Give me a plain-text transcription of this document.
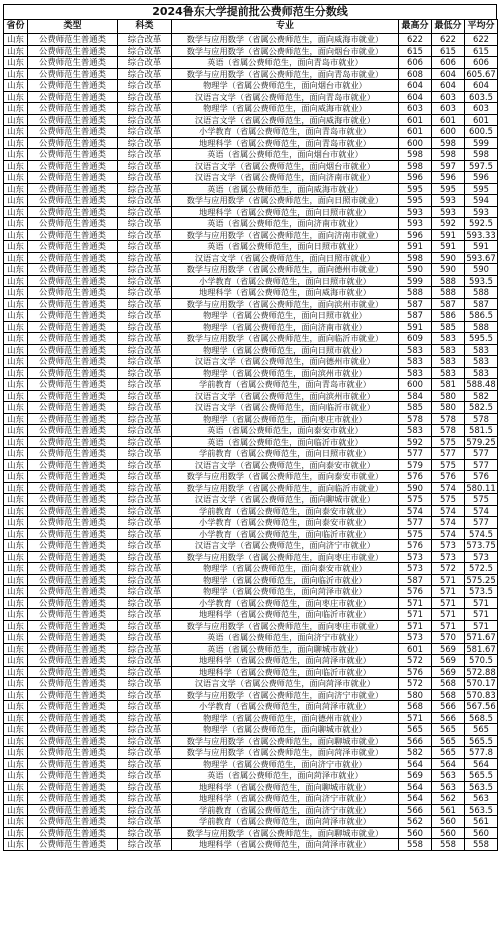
2024鲁东大学提前批公费师范生分数线
省份	类型	科类	专业	最高分	最低分	平均分
山东	公费师范生普通类	综合改革	数学与应用数学（省属公费师范生，面向威海市就业）	622	622	622
山东	公费师范生普通类	综合改革	数学与应用数学（省属公费师范生，面向烟台市就业）	615	615	615
山东	公费师范生普通类	综合改革	英语（省属公费师范生，面向青岛市就业）	606	606	606
山东	公费师范生普通类	综合改革	数学与应用数学（省属公费师范生，面向青岛市就业）	608	604	605.67
山东	公费师范生普通类	综合改革	物理学（省属公费师范生，面向烟台市就业）	604	604	604
山东	公费师范生普通类	综合改革	汉语言文学（省属公费师范生，面向青岛市就业）	604	603	603.5
山东	公费师范生普通类	综合改革	物理学（省属公费师范生，面向威海市就业）	603	603	603
山东	公费师范生普通类	综合改革	汉语言文学（省属公费师范生，面向威海市就业）	601	601	601
山东	公费师范生普通类	综合改革	小学教育（省属公费师范生，面向青岛市就业）	601	600	600.5
山东	公费师范生普通类	综合改革	地理科学（省属公费师范生，面向青岛市就业）	600	598	599
山东	公费师范生普通类	综合改革	英语（省属公费师范生，面向烟台市就业）	598	598	598
山东	公费师范生普通类	综合改革	汉语言文学（省属公费师范生，面向烟台市就业）	598	597	597.5
山东	公费师范生普通类	综合改革	汉语言文学（省属公费师范生，面向济南市就业）	596	596	596
山东	公费师范生普通类	综合改革	英语（省属公费师范生，面向威海市就业）	595	595	595
山东	公费师范生普通类	综合改革	数学与应用数学（省属公费师范生，面向日照市就业）	595	593	594
山东	公费师范生普通类	综合改革	地理科学（省属公费师范生，面向日照市就业）	593	593	593
山东	公费师范生普通类	综合改革	英语（省属公费师范生，面向济南市就业）	593	592	592.5
山东	公费师范生普通类	综合改革	数学与应用数学（省属公费师范生，面向济南市就业）	596	591	593.33
山东	公费师范生普通类	综合改革	英语（省属公费师范生，面向日照市就业）	591	591	591
山东	公费师范生普通类	综合改革	汉语言文学（省属公费师范生，面向日照市就业）	598	590	593.67
山东	公费师范生普通类	综合改革	数学与应用数学（省属公费师范生，面向德州市就业）	590	590	590
山东	公费师范生普通类	综合改革	小学教育（省属公费师范生，面向日照市就业）	599	588	593.5
山东	公费师范生普通类	综合改革	地理科学（省属公费师范生，面向威海市就业）	588	588	588
山东	公费师范生普通类	综合改革	数学与应用数学（省属公费师范生，面向滨州市就业）	587	587	587
山东	公费师范生普通类	综合改革	物理学（省属公费师范生，面向日照市就业）	587	586	586.5
山东	公费师范生普通类	综合改革	物理学（省属公费师范生，面向济南市就业）	591	585	588
山东	公费师范生普通类	综合改革	数学与应用数学（省属公费师范生，面向临沂市就业）	609	583	595.5
山东	公费师范生普通类	综合改革	物理学（省属公费师范生，面向日照市就业）	583	583	583
山东	公费师范生普通类	综合改革	汉语言文学（省属公费师范生，面向德州市就业）	583	583	583
山东	公费师范生普通类	综合改革	物理学（省属公费师范生，面向滨州市就业）	583	583	583
山东	公费师范生普通类	综合改革	学前教育（省属公费师范生，面向青岛市就业）	600	581	588.48
山东	公费师范生普通类	综合改革	汉语言文学（省属公费师范生，面向滨州市就业）	584	580	582
山东	公费师范生普通类	综合改革	汉语言文学（省属公费师范生，面向临沂市就业）	585	580	582.5
山东	公费师范生普通类	综合改革	物理学（省属公费师范生，面向枣庄市就业）	578	578	578
山东	公费师范生普通类	综合改革	英语（省属公费师范生，面向泰安市就业）	583	578	581.5
山东	公费师范生普通类	综合改革	英语（省属公费师范生，面向临沂市就业）	592	575	579.25
山东	公费师范生普通类	综合改革	学前教育（省属公费师范生，面向日照市就业）	577	577	577
山东	公费师范生普通类	综合改革	汉语言文学（省属公费师范生，面向泰安市就业）	579	575	577
山东	公费师范生普通类	综合改革	数学与应用数学（省属公费师范生，面向泰安市就业）	576	576	576
山东	公费师范生普通类	综合改革	数学与应用数学（省属公费师范生，面向临沂市就业）	590	574	580.11
山东	公费师范生普通类	综合改革	汉语言文学（省属公费师范生，面向聊城市就业）	575	575	575
山东	公费师范生普通类	综合改革	学前教育（省属公费师范生，面向泰安市就业）	574	574	574
山东	公费师范生普通类	综合改革	小学教育（省属公费师范生，面向泰安市就业）	577	574	577
山东	公费师范生普通类	综合改革	小学教育（省属公费师范生，面向临沂市就业）	575	574	574.5
山东	公费师范生普通类	综合改革	汉语言文学（省属公费师范生，面向济宁市就业）	576	573	573.75
山东	公费师范生普通类	综合改革	数学与应用数学（省属公费师范生，面向枣庄市就业）	573	573	573
山东	公费师范生普通类	综合改革	物理学（省属公费师范生，面向泰安市就业）	573	572	572.5
山东	公费师范生普通类	综合改革	物理学（省属公费师范生，面向临沂市就业）	587	571	575.25
山东	公费师范生普通类	综合改革	物理学（省属公费师范生，面向菏泽市就业）	576	571	573.5
山东	公费师范生普通类	综合改革	小学教育（省属公费师范生，面向枣庄市就业）	571	571	571
山东	公费师范生普通类	综合改革	地理科学（省属公费师范生，面向临沂市就业）	571	571	571
山东	公费师范生普通类	综合改革	数学与应用数学（省属公费师范生，面向枣庄市就业）	571	571	571
山东	公费师范生普通类	综合改革	英语（省属公费师范生，面向济宁市就业）	573	570	571.67
山东	公费师范生普通类	综合改革	英语（省属公费师范生，面向聊城市就业）	601	569	581.67
山东	公费师范生普通类	综合改革	地理科学（省属公费师范生，面向菏泽市就业）	572	569	570.5
山东	公费师范生普通类	综合改革	地理科学（省属公费师范生，面向临沂市就业）	576	569	572.88
山东	公费师范生普通类	综合改革	汉语言文学（省属公费师范生，面向菏泽市就业）	572	568	570.17
山东	公费师范生普通类	综合改革	数学与应用数学（省属公费师范生，面向济宁市就业）	580	568	570.83
山东	公费师范生普通类	综合改革	小学教育（省属公费师范生，面向菏泽市就业）	568	566	567.56
山东	公费师范生普通类	综合改革	物理学（省属公费师范生，面向德州市就业）	571	566	568.5
山东	公费师范生普通类	综合改革	物理学（省属公费师范生，面向聊城市就业）	565	565	565
山东	公费师范生普通类	综合改革	数学与应用数学（省属公费师范生，面向聊城市就业）	566	565	565.5
山东	公费师范生普通类	综合改革	数学与应用数学（省属公费师范生，面向菏泽市就业）	582	565	577.8
山东	公费师范生普通类	综合改革	物理学（省属公费师范生，面向济宁市就业）	564	564	564
山东	公费师范生普通类	综合改革	英语（省属公费师范生，面向菏泽市就业）	569	563	565.5
山东	公费师范生普通类	综合改革	地理科学（省属公费师范生，面向聊城市就业）	564	563	563.5
山东	公费师范生普通类	综合改革	地理科学（省属公费师范生，面向济宁市就业）	564	562	563
山东	公费师范生普通类	综合改革	学前教育（省属公费师范生，面向济宁市就业）	566	561	563.5
山东	公费师范生普通类	综合改革	学前教育（省属公费师范生，面向菏泽市就业）	562	560	561
山东	公费师范生普通类	综合改革	数学与应用数学（省属公费师范生，面向聊城市就业）	560	560	560
山东	公费师范生普通类	综合改革	地理科学（省属公费师范生，面向菏泽市就业）	558	558	558
